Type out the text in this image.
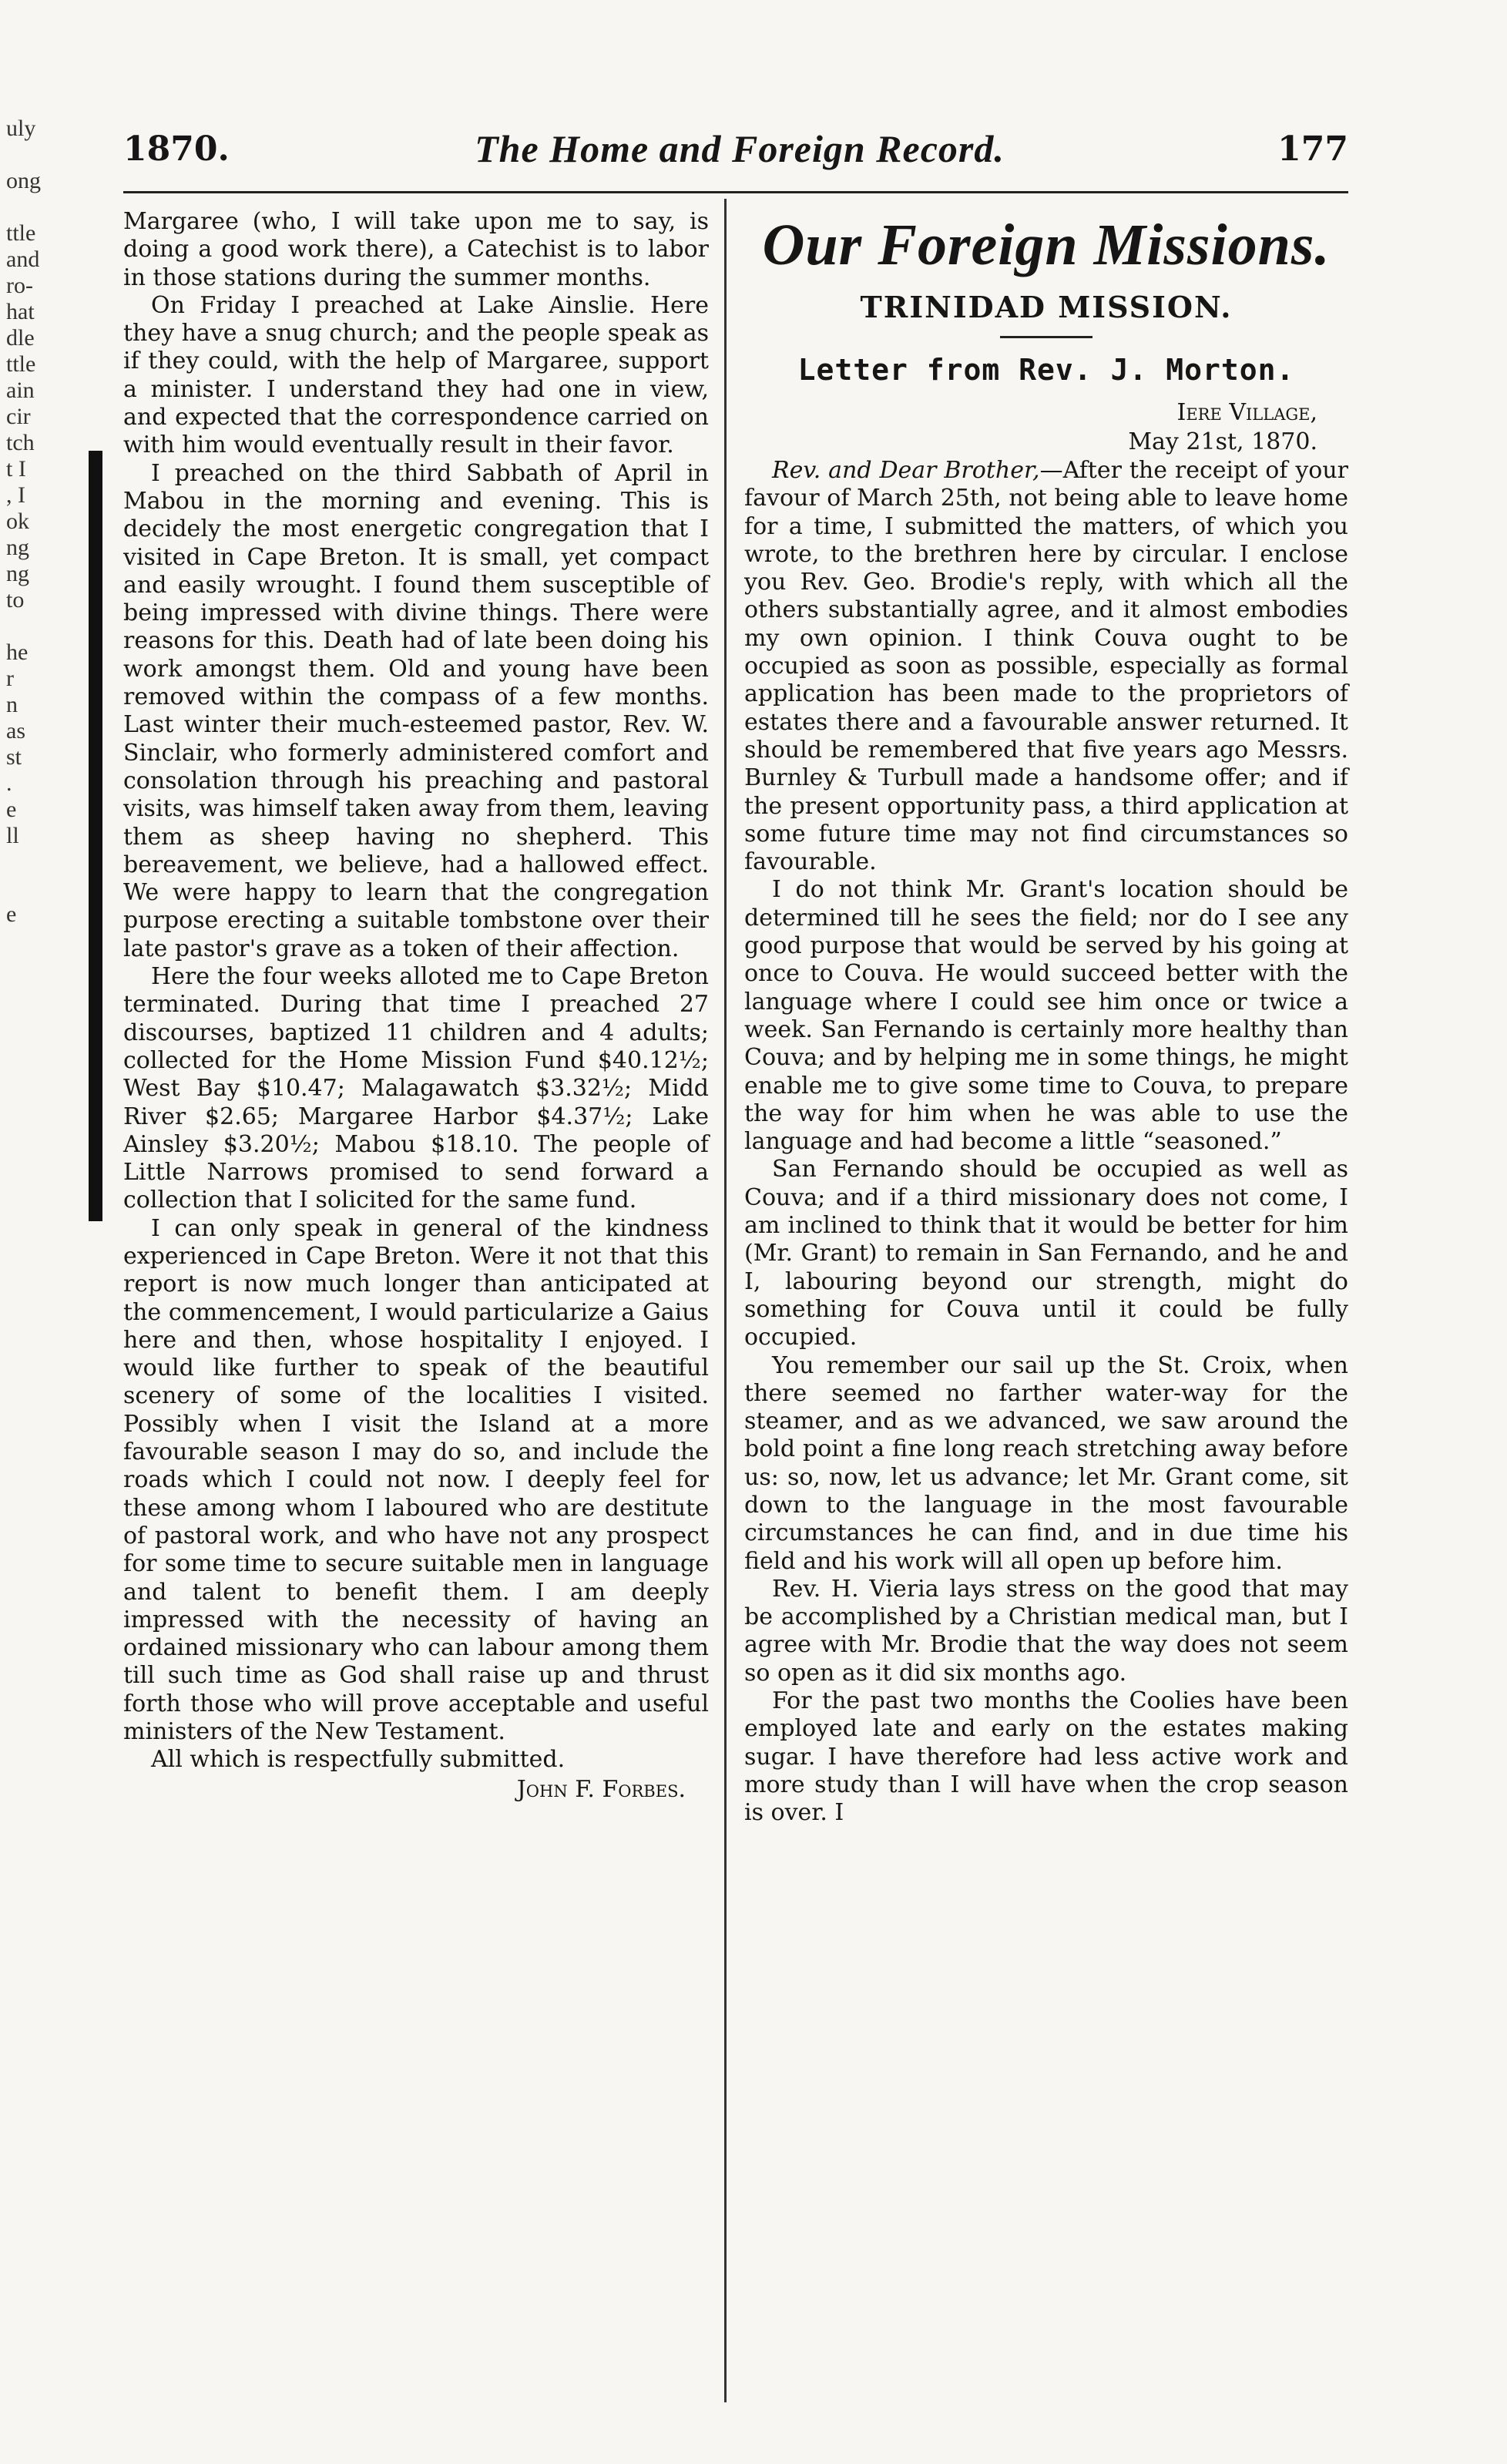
uly

ong

ttle
and
ro-
hat
dle
ttle
ain
cir
tch
t I
, I
ok
ng
ng
to

he
r
n
as
st
.
e
ll

e
1870.	The Home and Foreign Record.	177

Margaree (who, I will take upon me to say, is doing a good work there), a Catechist is to labor in those stations during the summer months.

On Friday I preached at Lake Ainslie. Here they have a snug church; and the people speak as if they could, with the help of Margaree, support a minister. I understand they had one in view, and expected that the correspondence carried on with him would eventually result in their favor.

I preached on the third Sabbath of April in Mabou in the morning and evening. This is decidely the most energetic congregation that I visited in Cape Breton. It is small, yet compact and easily wrought. I found them susceptible of being impressed with divine things. There were reasons for this. Death had of late been doing his work amongst them. Old and young have been removed within the compass of a few months. Last winter their much-esteemed pastor, Rev. W. Sinclair, who formerly administered comfort and consolation through his preaching and pastoral visits, was himself taken away from them, leaving them as sheep having no shepherd. This bereavement, we believe, had a hallowed effect. We were happy to learn that the congregation purpose erecting a suitable tombstone over their late pastor's grave as a token of their affection.

Here the four weeks alloted me to Cape Breton terminated. During that time I preached 27 discourses, baptized 11 children and 4 adults; collected for the Home Mission Fund $40.12½; West Bay $10.47; Malagawatch $3.32½; Midd River $2.65; Margaree Harbor $4.37½; Lake Ainsley $3.20½; Mabou $18.10. The people of Little Narrows promised to send forward a collection that I solicited for the same fund.

I can only speak in general of the kindness experienced in Cape Breton. Were it not that this report is now much longer than anticipated at the commencement, I would particularize a Gaius here and then, whose hospitality I enjoyed. I would like further to speak of the beautiful scenery of some of the localities I visited. Possibly when I visit the Island at a more favourable season I may do so, and include the roads which I could not now. I deeply feel for these among whom I laboured who are destitute of pastoral work, and who have not any prospect for some time to secure suitable men in language and talent to benefit them. I am deeply impressed with the necessity of having an ordained missionary who can labour among them till such time as God shall raise up and thrust forth those who will prove acceptable and useful ministers of the New Testament.

All which is respectfully submitted.

John F. Forbes.
Our Foreign Missions.
TRINIDAD MISSION.
Letter from Rev. J. Morton.
Iere Village,
May 21st, 1870.

Rev. and Dear Brother,—After the receipt of your favour of March 25th, not being able to leave home for a time, I submitted the matters, of which you wrote, to the brethren here by circular. I enclose you Rev. Geo. Brodie's reply, with which all the others substantially agree, and it almost embodies my own opinion. I think Couva ought to be occupied as soon as possible, especially as formal application has been made to the proprietors of estates there and a favourable answer returned. It should be remembered that five years ago Messrs. Burnley & Turbull made a handsome offer; and if the present opportunity pass, a third application at some future time may not find circumstances so favourable.

I do not think Mr. Grant's location should be determined till he sees the field; nor do I see any good purpose that would be served by his going at once to Couva. He would succeed better with the language where I could see him once or twice a week. San Fernando is certainly more healthy than Couva; and by helping me in some things, he might enable me to give some time to Couva, to prepare the way for him when he was able to use the language and had become a little “seasoned.”

San Fernando should be occupied as well as Couva; and if a third missionary does not come, I am inclined to think that it would be better for him (Mr. Grant) to remain in San Fernando, and he and I, labouring beyond our strength, might do something for Couva until it could be fully occupied.

You remember our sail up the St. Croix, when there seemed no farther water-way for the steamer, and as we advanced, we saw around the bold point a fine long reach stretching away before us: so, now, let us advance; let Mr. Grant come, sit down to the language in the most favourable circumstances he can find, and in due time his field and his work will all open up before him.

Rev. H. Vieria lays stress on the good that may be accomplished by a Christian medical man, but I agree with Mr. Brodie that the way does not seem so open as it did six months ago.

For the past two months the Coolies have been employed late and early on the estates making sugar. I have therefore had less active work and more study than I will have when the crop season is over. I
